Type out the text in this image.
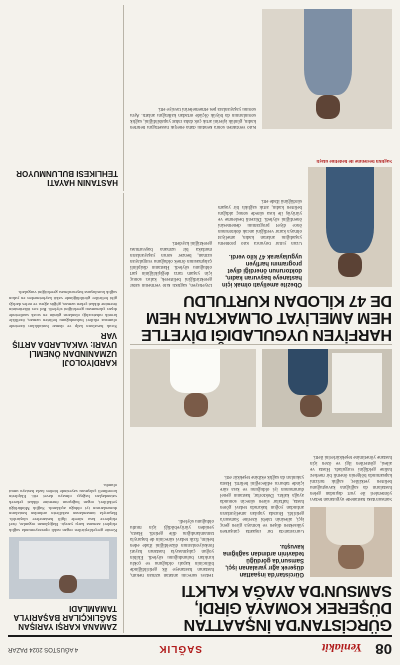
08
Yeniakit
SAĞLIK
4 AĞUSTOS 2024 PAZAR
GÜRCİSTAN'DA İNŞAATTAN DÜŞEREK KOMAYA GİRDİ, SAMSUN'DA AYAĞA KALKTI
Gürcistan'da inşaattan düşerek ağır yaralanan işçi, Samsun'da gördüğü tedavinin ardından sağlığına kavuştu.
Gürcistan'da bir inşaatta çalışırken yüksekten düşen ve komaya giren genç işçi, ailesinin talebi üzerine Samsun'a getirildi. Burada yapılan ameliyatların ardından yoğun bakımda tedavi gören hasta, haftalar süren sürecin sonunda ayağa kalktı. Doktorlar, hastanın genel durumunun iyi olduğunu ve kısa süre içinde taburcu edileceğini belirtti. Hasta yakınları da sağlık ekibine teşekkür etti.
Tedavi sürecini anlatan uzman hekim, hastanın hastaneye ilk getirildiğinde bilincinin kapalı olduğunu ve çoklu kırıkları bulunduğunu söyledi. Ekibin yoğun çalışmasıyla hastanın hayati fonksiyonlarının düzeldiğini ifade eden hekim, fizik tedavi sürecinin de başarıyla tamamlandığını dile getirdi. Hasta, yeniden yürüyebildiği için mutlu olduğunu söyledi.
Samsun'daki hastanede uygulanan tedavi yöntemleri ile yurt dışından gelen hastaların da sağlığına kavuştuğunu belirten yetkililer, sağlık turizmi kapsamında bölgenin önemli bir merkez haline geldiğini vurguladı. Hasta ve ailesi, gösterilen ilgi ve özen için hastane yönetimine teşekkürlerini iletti.
ZAMANA KARŞI YARIŞAN SAĞLIKÇILAR BAŞARIYLA TAMAMLADI
Kentte gerçekleştirilen organ nakli operasyonunda sağlık ekipleri zamana karşı yarıştı. Bağışlanan organlar, özel ekiplerce kısa sürede ilgili hastanelere ulaştırıldı. Başarıyla tamamlanan nakillerin ardından hastaların durumlarının iyi olduğu açıklandı. Sağlık Müdürlüğü yetkilileri, organ bağışının önemine dikkat çekerek vatandaşları bağışçı olmaya davet etti. Ekiplerin koordineli çalışması sayesinde birden fazla hastaya umut olundu.
KARDİYOLOJİ UZMANINDAN ÖNEMLİ UYARI: VAKALARDA ARTIŞ VAR
Sıcak havaların kalp ve damar hastalıkları üzerinde olumsuz etkileri bulunduğunu belirten uzman, özellikle kronik rahatsızlığı olanların günün en sıcak saatlerinde dışarı çıkmaması gerektiğini söyledi. Bol sıvı tüketiminin önemine dikkat çeken uzman, göğüs ağrısı ve nefes darlığı gibi belirtiler görüldüğünde vakit kaybetmeden en yakın sağlık kuruluşuna başvurulması gerektiğini vurguladı.
HARFİYEN UYGULADIĞI DİYETLE HEM AMELİYAT OLMAKTAN HEM DE 47 KİLODAN KURTULDU
Obezite ameliyatı olmak için hastaneye başvuran kadın, doktorunun önerdiği diyet programını harfiyen uygulayarak 47 kilo verdi.
Uzun yıllar boyunca kilo problemi yaşadığını anlatan kadın, ameliyat olmaya karar verdiğini ancak doktorunun önce diyet programını denemesini önerdiğini söyledi. Düzenli beslenme ve yürüyüş ile kısa sürede sonuç aldığını belirten kadın, artık sağlıklı bir yaşam sürdüğünü ifade etti.
Diyetisyen, sağlıklı kilo vermenin sabır gerektirdiğini belirterek, kalıcı sonuç için yaşam tarzı değişikliğinin şart olduğunu söyledi. Hastanın disiplinli çalışmasının örnek olduğunu vurgulayan uzman, benzer sorun yaşayanların mutlaka bir uzmana başvurması gerektiğini kaydetti.
Sağlıklı beslenme ile hedefine ulaştı
Kilo verdikten sonra kendini daha enerjik hissettiğini belirten kadın, günlük işlerini artık çok daha rahat yapabildiğini, sağlık sorunlarının da büyük ölçüde ortadan kalktığını anlattı. Aynı sorunu yaşayanlara pes etmemelerini tavsiye etti.
HASTANIN HAYATI TEHLIKESI BULUNMUYOR
